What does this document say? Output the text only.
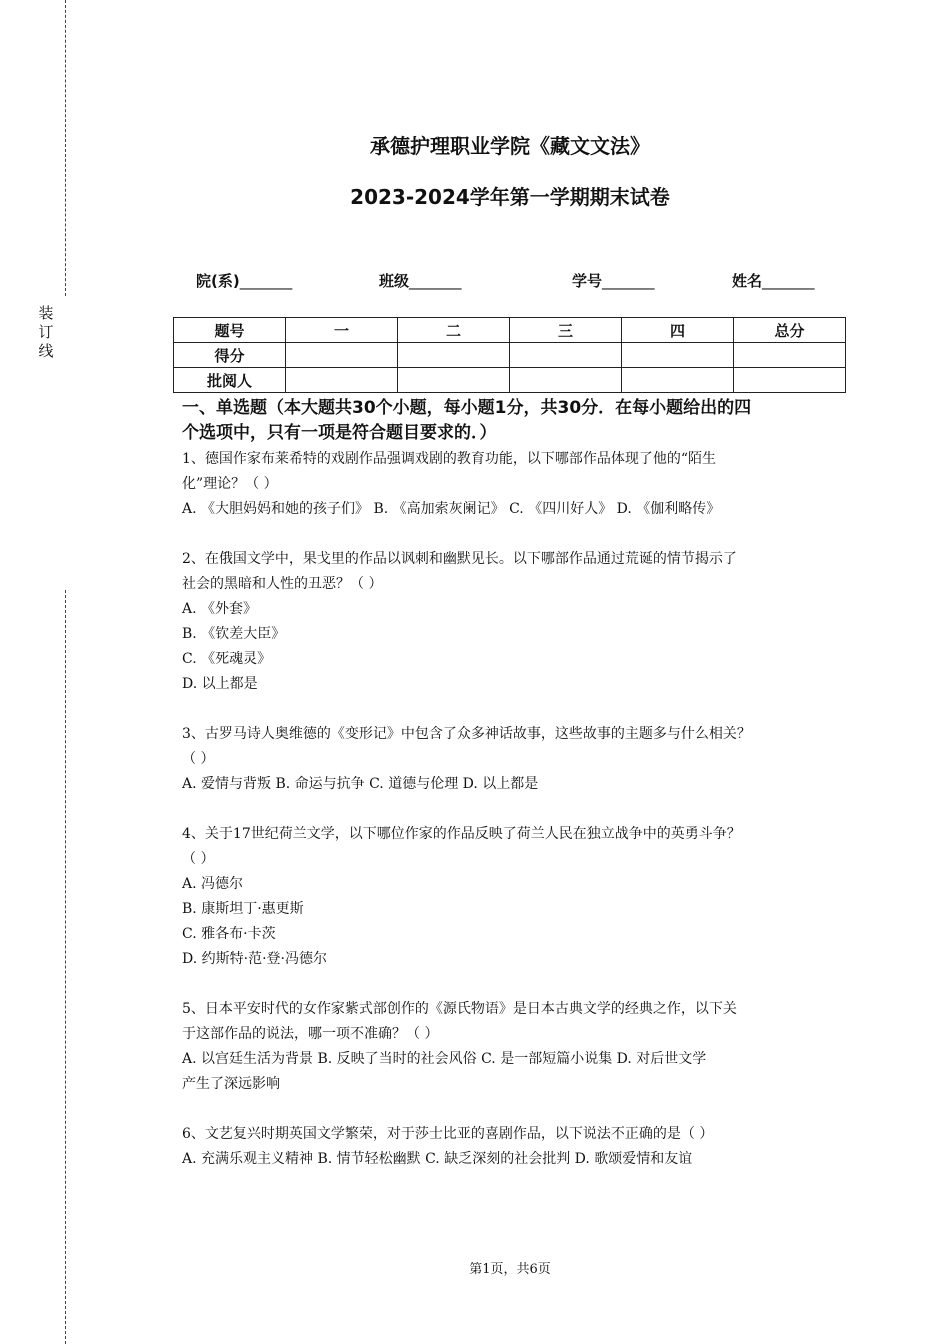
装订线
承德护理职业学院《藏文文法》
2023-2024学年第一学期期末试卷
院(系)_______	班级_______	学号_______	姓名_______
题号	一	二	三	四	总分
得分					
批阅人					
一、单选题（本大题共30个小题，每小题1分，共30分．在每小题给出的四
个选项中，只有一项是符合题目要求的．）

1、德国作家布莱希特的戏剧作品强调戏剧的教育功能，以下哪部作品体现了他的“陌生

化”理论？（ ）

A. 《大胆妈妈和她的孩子们》 B. 《高加索灰阑记》 C. 《四川好人》 D. 《伽利略传》

2、在俄国文学中，果戈里的作品以讽刺和幽默见长。以下哪部作品通过荒诞的情节揭示了

社会的黑暗和人性的丑恶？（ ）

A. 《外套》

B. 《钦差大臣》

C. 《死魂灵》

D. 以上都是

3、古罗马诗人奥维德的《变形记》中包含了众多神话故事，这些故事的主题多与什么相关？

（ ）

A. 爱情与背叛 B. 命运与抗争 C. 道德与伦理 D. 以上都是

4、关于17世纪荷兰文学，以下哪位作家的作品反映了荷兰人民在独立战争中的英勇斗争？

（ ）

A. 冯德尔

B. 康斯坦丁·惠更斯

C. 雅各布·卡茨

D. 约斯特·范·登·冯德尔

5、日本平安时代的女作家紫式部创作的《源氏物语》是日本古典文学的经典之作，以下关

于这部作品的说法，哪一项不准确？（ ）

A. 以宫廷生活为背景 B. 反映了当时的社会风俗 C. 是一部短篇小说集 D. 对后世文学

产生了深远影响

6、文艺复兴时期英国文学繁荣，对于莎士比亚的喜剧作品，以下说法不正确的是（ ）

A. 充满乐观主义精神 B. 情节轻松幽默 C. 缺乏深刻的社会批判 D. 歌颂爱情和友谊

第1页，共6页
